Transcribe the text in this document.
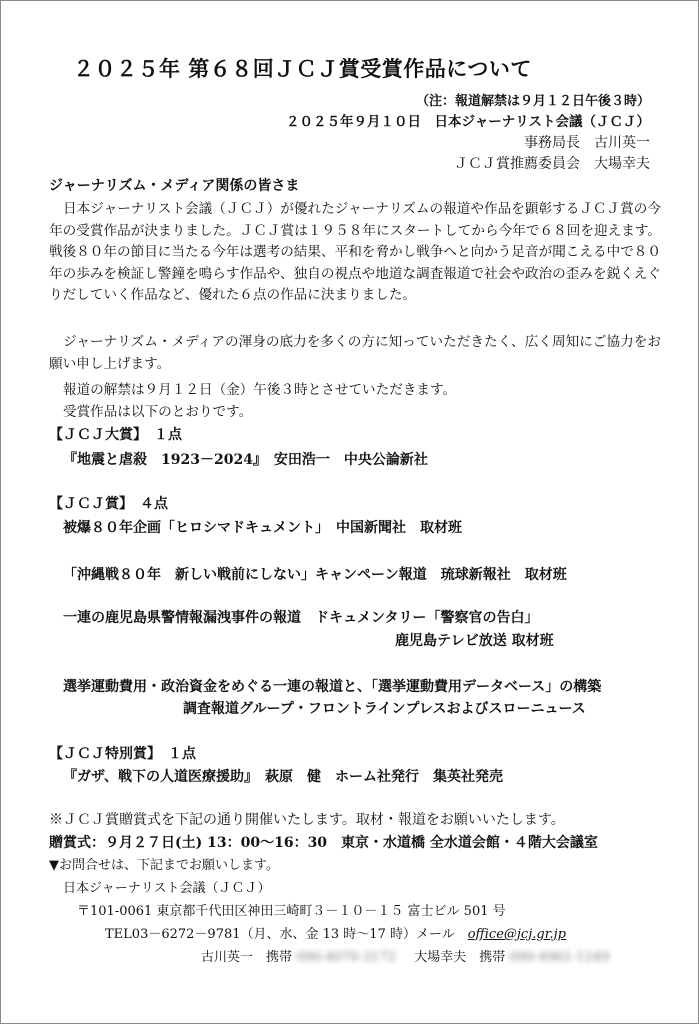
２０２５年 第６８回ＪＣＪ賞受賞作品について
（注：報道解禁は９月１２日午後３時）
２０２５年９月１０日　日本ジャーナリスト会議（ＪＣＪ）
事務局長　古川英一
ＪＣＪ賞推薦委員会　大場幸夫
ジャーナリズム・メディア関係の皆さま
日本ジャーナリスト会議（ＪＣＪ）が優れたジャーナリズムの報道や作品を顕彰するＪＣＪ賞の今年の受賞作品が決まりました。ＪＣＪ賞は１９５８年にスタートしてから今年で６８回を迎えます。戦後８０年の節目に当たる今年は選考の結果、平和を脅かし戦争へと向かう足音が聞こえる中で８０年の歩みを検証し警鐘を鳴らす作品や、独自の視点や地道な調査報道で社会や政治の歪みを鋭くえぐりだしていく作品など、優れた６点の作品に決まりました。
ジャーナリズム・メディアの渾身の底力を多くの方に知っていただきたく、広く周知にご協力をお願い申し上げます。
報道の解禁は９月１２日（金）午後３時とさせていただきます。
受賞作品は以下のとおりです。
【ＪＣＪ大賞】　１点
『地震と虐殺　1923－2024』　安田浩一　中央公論新社
【ＪＣＪ賞】　４点
被爆８０年企画「ヒロシマドキュメント」　中国新聞社　取材班
「沖縄戦８０年　新しい戦前にしない」キャンペーン報道　琉球新報社　取材班
一連の鹿児島県警情報漏洩事件の報道　ドキュメンタリー「警察官の告白」
鹿児島テレビ放送 取材班
選挙運動費用・政治資金をめぐる一連の報道と、「選挙運動費用データベース」の構築
調査報道グループ・フロントラインプレスおよびスローニュース
【ＪＣＪ特別賞】　１点
『ガザ、戦下の人道医療援助』　萩原　健　ホーム社発行　集英社発売
※ＪＣＪ賞贈賞式を下記の通り開催いたします。取材・報道をお願いいたします。
贈賞式：９月２７日(土) 13：00～16：30　東京・水道橋 全水道会館・４階大会議室
▼お問合せは、下記までお願いします。
日本ジャーナリスト会議（ＪＣＪ）
〒101-0061 東京都千代田区神田三崎町３－１０－１５ 富士ビル 501 号
TEL03－6272－9781（月、水、金 13 時～17 時）メール　office@jcj.gr.jp
古川英一　携帯 090-4070-3172 大場幸夫　携帯 090-4961-1249
